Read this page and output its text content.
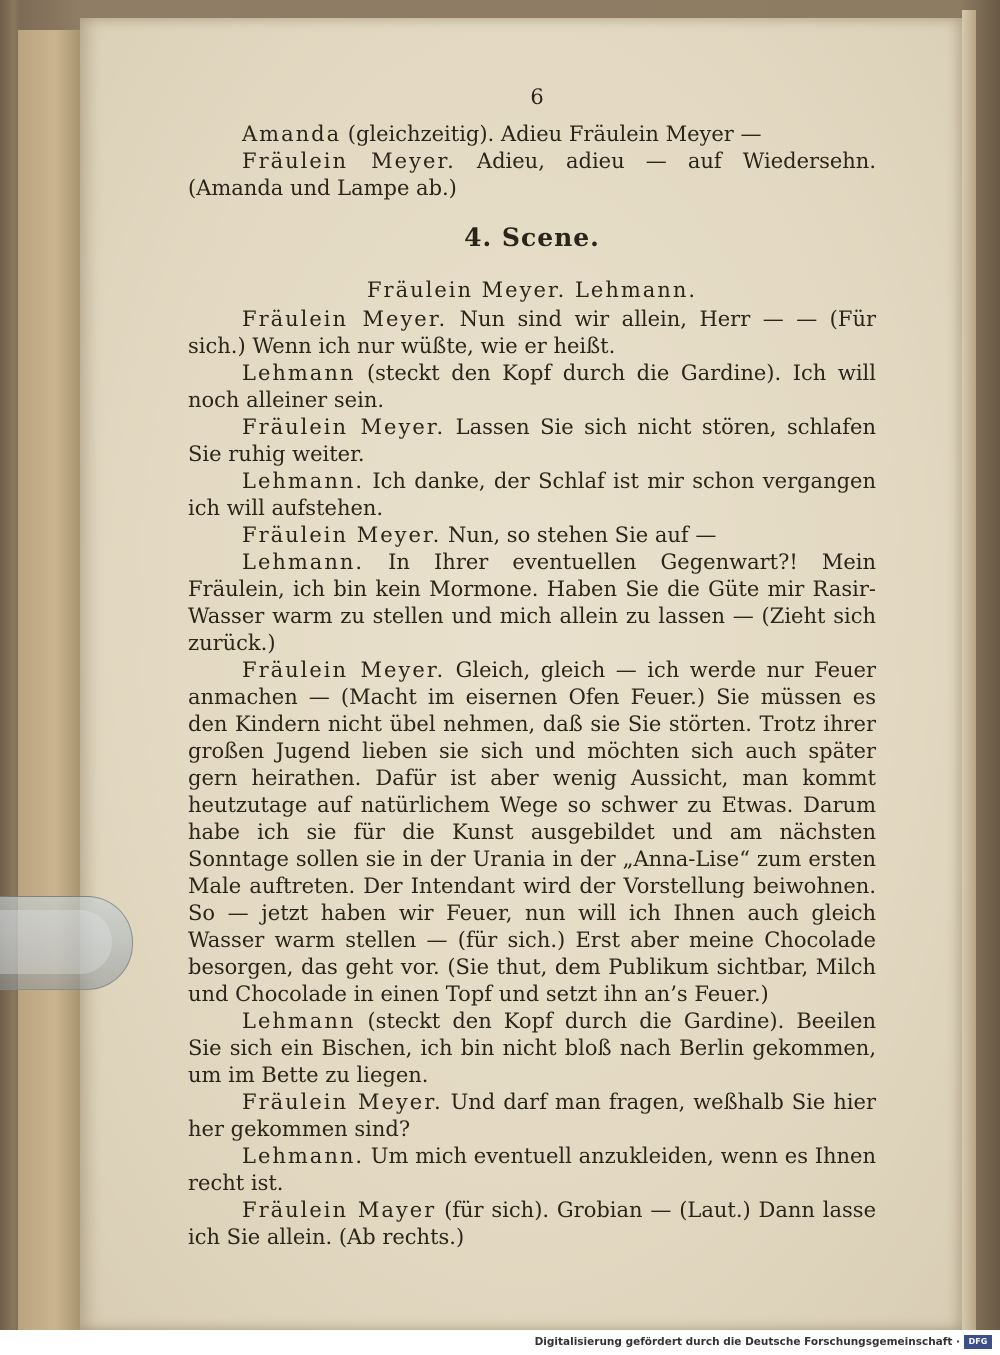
6

Amanda (gleichzeitig). Adieu Fräulein Meyer —

Fräulein Meyer. Adieu, adieu — auf Wiedersehn. (Amanda und Lampe ab.)

4. Scene.
Fräulein Meyer. Lehmann.

Fräulein Meyer. Nun sind wir allein, Herr — — (Für sich.) Wenn ich nur wüßte, wie er heißt.

Lehmann (steckt den Kopf durch die Gardine). Ich will noch alleiner sein.

Fräulein Meyer. Lassen Sie sich nicht stören, schlafen Sie ruhig weiter.

Lehmann. Ich danke, der Schlaf ist mir schon vergangen ich will aufstehen.

Fräulein Meyer. Nun, so stehen Sie auf —

Lehmann. In Ihrer eventuellen Gegenwart?! Mein Fräulein, ich bin kein Mormone. Haben Sie die Güte mir Rasir-Wasser warm zu stellen und mich allein zu lassen — (Zieht sich zurück.)

Fräulein Meyer. Gleich, gleich — ich werde nur Feuer anmachen — (Macht im eisernen Ofen Feuer.) Sie müssen es den Kindern nicht übel nehmen, daß sie Sie störten. Trotz ihrer großen Jugend lieben sie sich und möchten sich auch später gern heirathen. Dafür ist aber wenig Aussicht, man kommt heutzutage auf natürlichem Wege so schwer zu Etwas. Darum habe ich sie für die Kunst ausgebildet und am nächsten Sonntage sollen sie in der Urania in der „Anna-Lise“ zum ersten Male auftreten. Der Intendant wird der Vorstellung beiwohnen. So — jetzt haben wir Feuer, nun will ich Ihnen auch gleich Wasser warm stellen — (für sich.) Erst aber meine Chocolade besorgen, das geht vor. (Sie thut, dem Publikum sichtbar, Milch und Chocolade in einen Topf und setzt ihn an’s Feuer.)

Lehmann (steckt den Kopf durch die Gardine). Beeilen Sie sich ein Bischen, ich bin nicht bloß nach Berlin gekommen, um im Bette zu liegen.

Fräulein Meyer. Und darf man fragen, weßhalb Sie hier her gekommen sind?

Lehmann. Um mich eventuell anzukleiden, wenn es Ihnen recht ist.

Fräulein Mayer (für sich). Grobian — (Laut.) Dann lasse ich Sie allein. (Ab rechts.)

Digitalisierung gefördert durch die Deutsche Forschungsgemeinschaft ·	DFG
